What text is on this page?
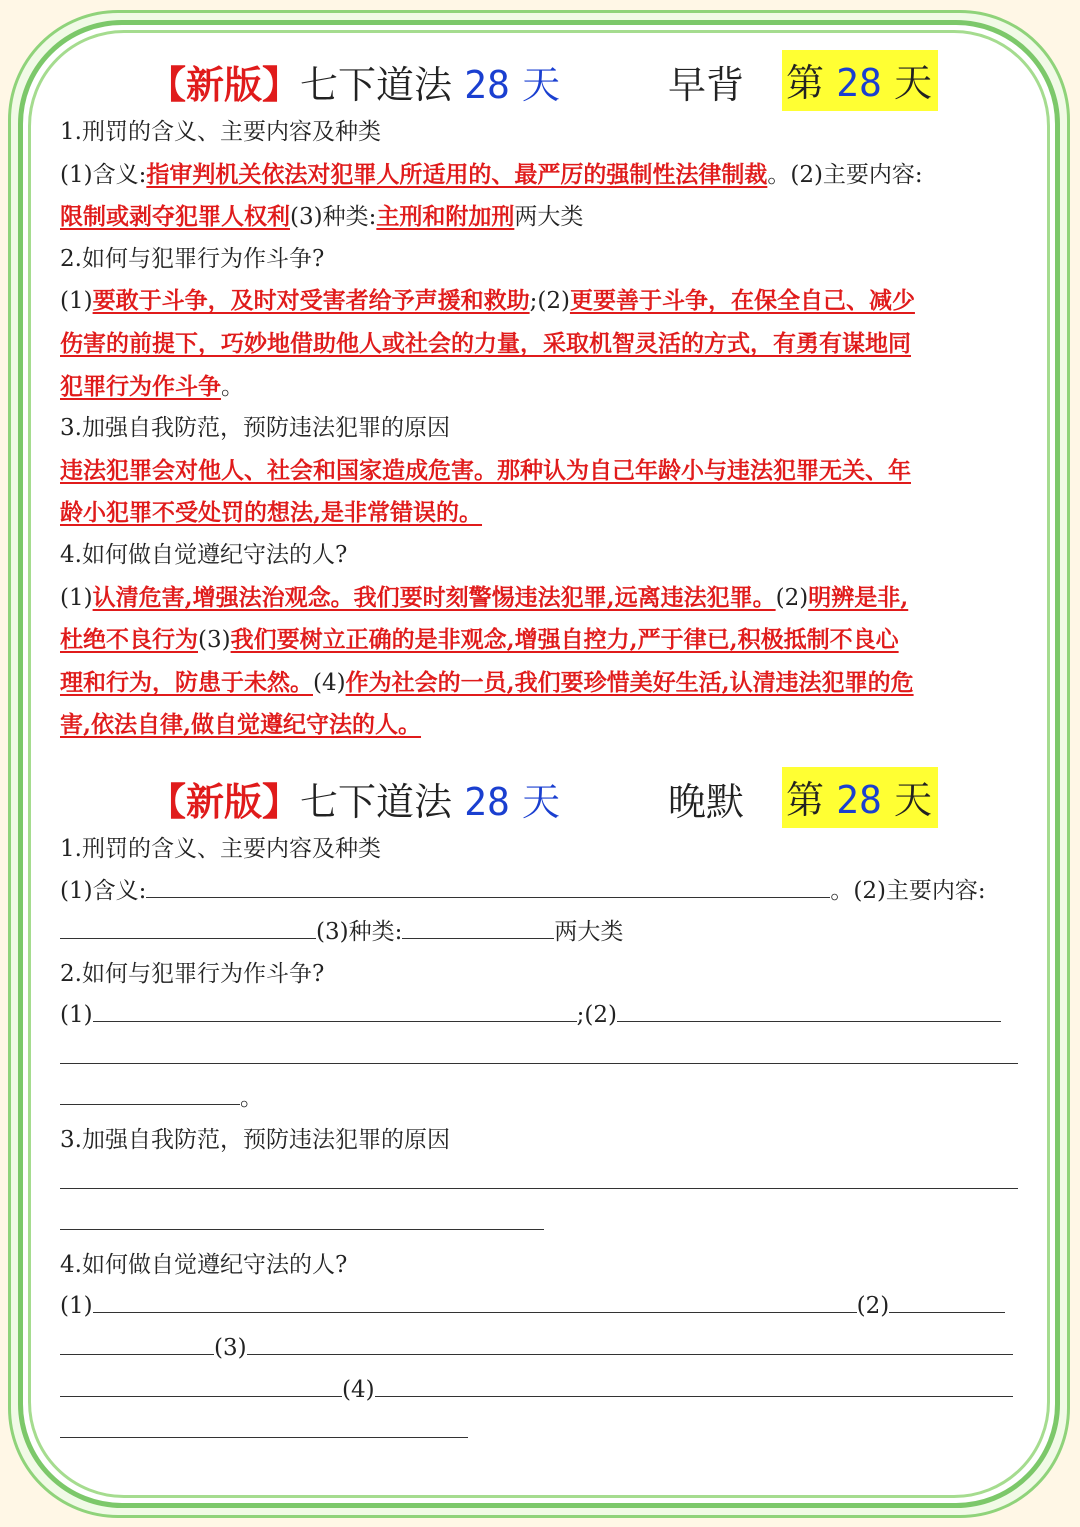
【新版】七下道法 28 天	早背 第 28 天
1.刑罚的含义、主要内容及种类
(1)含义:指审判机关依法对犯罪人所适用的、最严厉的强制性法律制裁。(2)主要内容:
限制或剥夺犯罪人权利(3)种类:主刑和附加刑两大类
2.如何与犯罪行为作斗争?
(1)要敢于斗争，及时对受害者给予声援和救助;(2)更要善于斗争，在保全自己、减少
伤害的前提下，巧妙地借助他人或社会的力量，采取机智灵活的方式，有勇有谋地同
犯罪行为作斗争。
3.加强自我防范，预防违法犯罪的原因
违法犯罪会对他人、社会和国家造成危害。那种认为自己年龄小与违法犯罪无关、年
龄小犯罪不受处罚的想法,是非常错误的。
4.如何做自觉遵纪守法的人?
(1)认清危害,增强法治观念。我们要时刻警惕违法犯罪,远离违法犯罪。(2)明辨是非,
杜绝不良行为(3)我们要树立正确的是非观念,增强自控力,严于律已,积极抵制不良心
理和行为，防患于未然。(4)作为社会的一员,我们要珍惜美好生活,认清违法犯罪的危
害,依法自律,做自觉遵纪守法的人。
【新版】七下道法 28 天	晚默 第 28 天
1.刑罚的含义、主要内容及种类
(1)含义:	。(2)主要内容:
(3)种类:	两大类
2.如何与犯罪行为作斗争?
(1)	;(2)
。
3.加强自我防范，预防违法犯罪的原因
4.如何做自觉遵纪守法的人?
(1)	(2)
(3)
(4)
